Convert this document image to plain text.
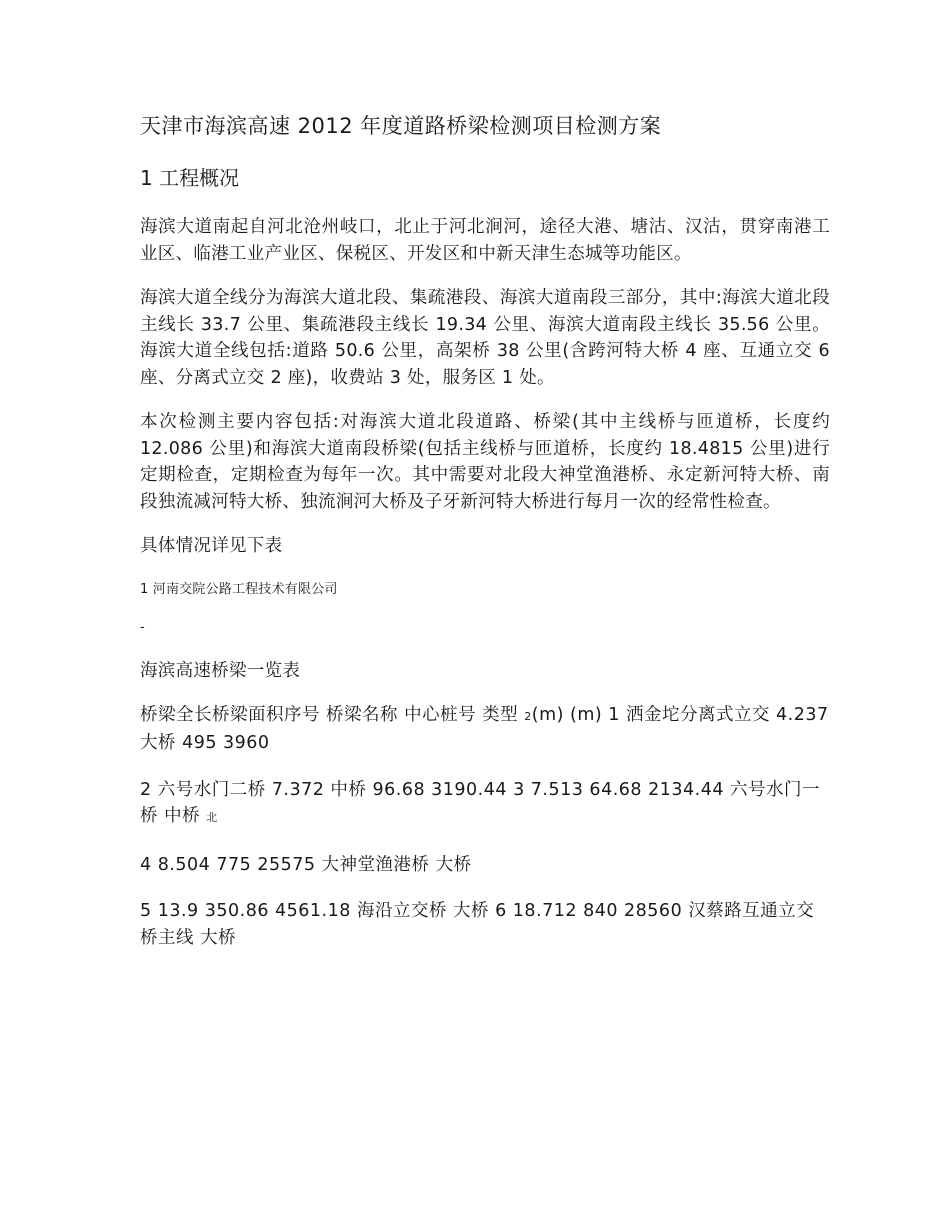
天津市海滨高速 2012 年度道路桥梁检测项目检测方案
1 工程概况

海滨大道南起自河北沧州岐口，北止于河北涧河，途径大港、塘沽、汉沽，贯穿南港工业区、临港工业产业区、保税区、开发区和中新天津生态城等功能区。

海滨大道全线分为海滨大道北段、集疏港段、海滨大道南段三部分，其中:海滨大道北段主线长 33.7 公里、集疏港段主线长 19.34 公里、海滨大道南段主线长 35.56 公里。海滨大道全线包括:道路 50.6 公里，高架桥 38 公里(含跨河特大桥 4 座、互通立交 6 座、分离式立交 2 座)，收费站 3 处，服务区 1 处。

本次检测主要内容包括:对海滨大道北段道路、桥梁(其中主线桥与匝道桥，长度约 12.086 公里)和海滨大道南段桥梁(包括主线桥与匝道桥，长度约 18.4815 公里)进行定期检查，定期检查为每年一次。其中需要对北段大神堂渔港桥、永定新河特大桥、南段独流减河特大桥、独流涧河大桥及子牙新河特大桥进行每月一次的经常性检查。

具体情况详见下表

1 河南交院公路工程技术有限公司

-

海滨高速桥梁一览表

桥梁全长桥梁面积序号 桥梁名称 中心桩号 类型 2(m) (m) 1 洒金坨分离式立交 4.237 大桥 495 3960

2 六号水门二桥 7.372 中桥 96.68 3190.44 3 7.513 64.68 2134.44 六号水门一桥 中桥 北

4 8.504 775 25575 大神堂渔港桥 大桥

5 13.9 350.86 4561.18 海沿立交桥 大桥 6 18.712 840 28560 汉蔡路互通立交桥主线 大桥
